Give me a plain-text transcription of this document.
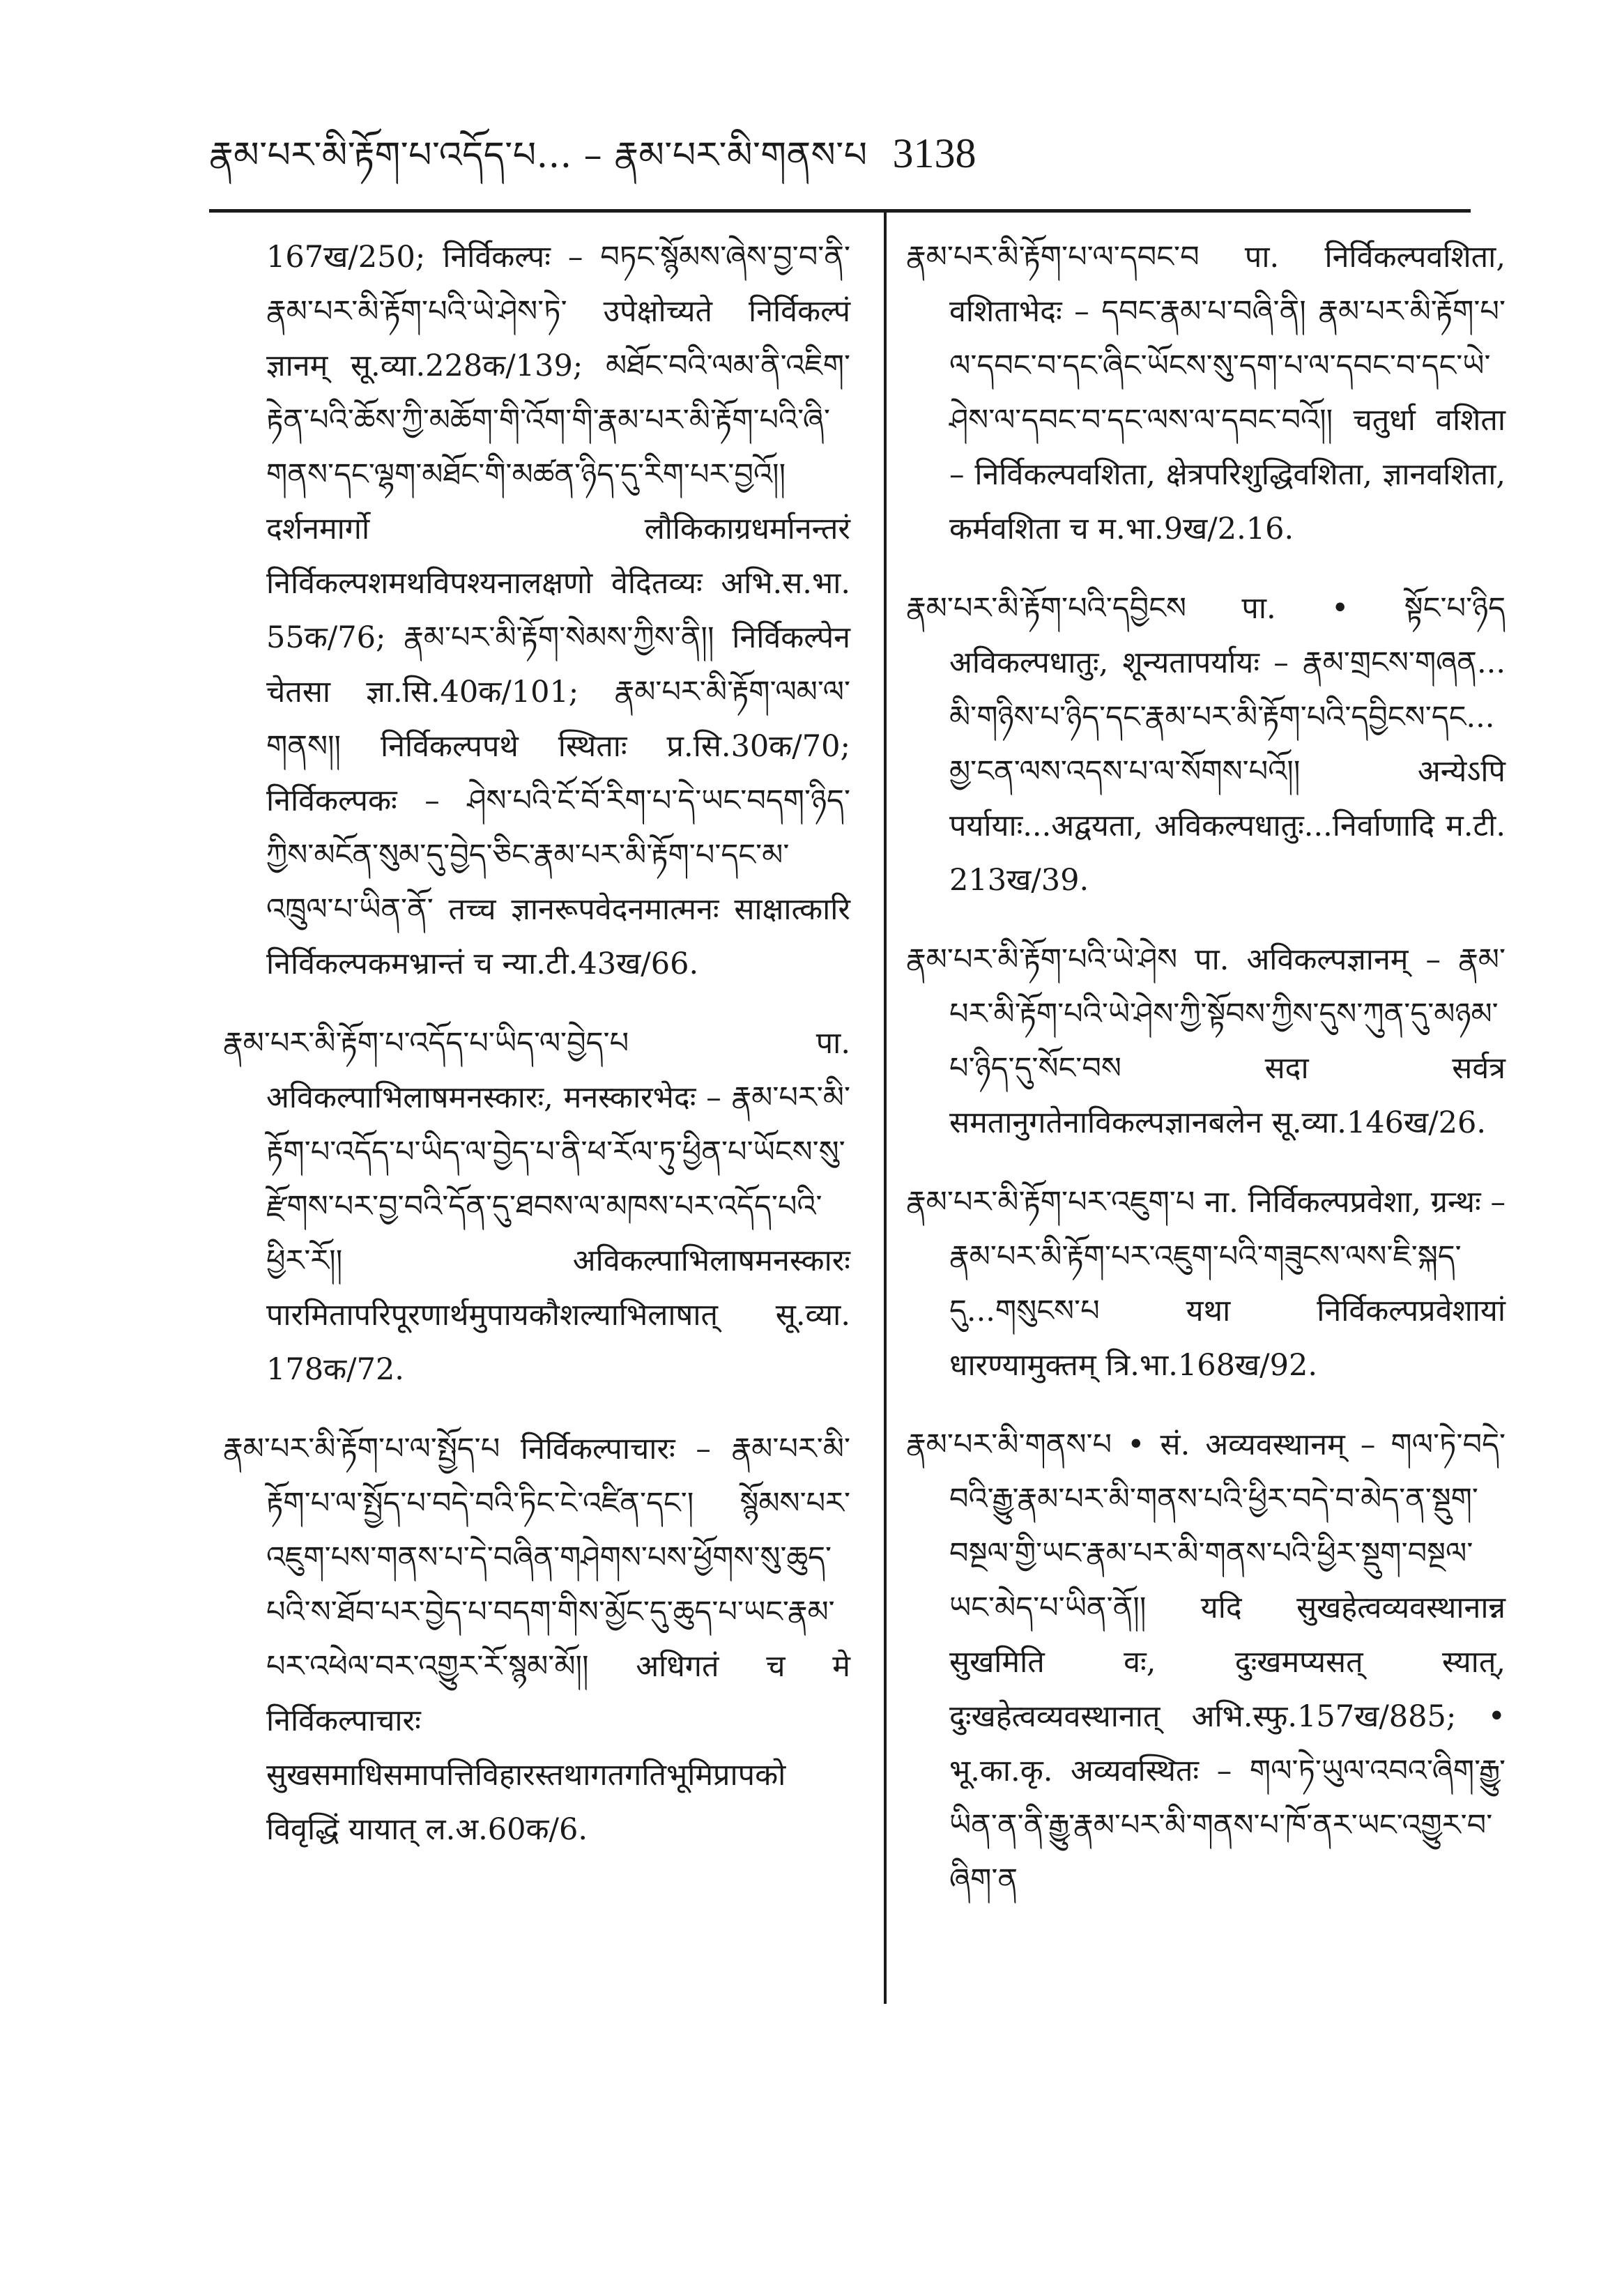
རྣམ་པར་མི་རྟོག་པ་འདོད་པ... – རྣམ་པར་མི་གནས་པ 3138

167ख/250; निर्विकल्पः – བཏང་སྙོམས་ཞེས་བྱ་བ་ནི་རྣམ་པར་མི་རྟོག་པའི་ཡེ་ཤེས་ཏེ་ उपेक्षोच्यते निर्विकल्पं ज्ञानम् सू.व्या.228क/139; མཐོང་བའི་ལམ་ནི་འཇིག་རྟེན་པའི་ཆོས་ཀྱི་མཆོག་གི་འོག་གི་རྣམ་པར་མི་རྟོག་པའི་ཞི་གནས་དང་ལྷག་མཐོང་གི་མཚན་ཉིད་དུ་རིག་པར་བྱའོ།། दर्शनमार्गो लौकिकाग्रधर्मानन्तरं निर्विकल्पशमथविपश्यनालक्षणो वेदितव्यः अभि.स.भा. 55क/76; རྣམ་པར་མི་རྟོག་སེམས་ཀྱིས་ནི།། निर्विकल्पेन चेतसा ज्ञा.सि.40क/101; རྣམ་པར་མི་རྟོག་ལམ་ལ་གནས།། निर्विकल्पपथे स्थिताः प्र.सि.30क/70; निर्विकल्पकः – ཤེས་པའི་ངོ་བོ་རིག་པ་དེ་ཡང་བདག་ཉིད་ཀྱིས་མངོན་སུམ་དུ་བྱེད་ཅིང་རྣམ་པར་མི་རྟོག་པ་དང་མ་འཁྲུལ་པ་ཡིན་ནོ་ तच्च ज्ञानरूपवेदनमात्मनः साक्षात्कारि निर्विकल्पकमभ्रान्तं च न्या.टी.43ख/66.

རྣམ་པར་མི་རྟོག་པ་འདོད་པ་ཡིད་ལ་བྱེད་པ पा. अविकल्पाभिलाषमनस्कारः, मनस्कारभेदः – རྣམ་པར་མི་རྟོག་པ་འདོད་པ་ཡིད་ལ་བྱེད་པ་ནི་ཕ་རོལ་ཏུ་ཕྱིན་པ་ཡོངས་སུ་རྫོགས་པར་བྱ་བའི་དོན་དུ་ཐབས་ལ་མཁས་པར་འདོད་པའི་ཕྱིར་རོ།། अविकल्पाभिलाषमनस्कारः पारमितापरिपूरणार्थमुपायकौशल्याभिलाषात् सू.व्या. 178क/72.

རྣམ་པར་མི་རྟོག་པ་ལ་སྤྱོད་པ निर्विकल्पाचारः – རྣམ་པར་མི་རྟོག་པ་ལ་སྤྱོད་པ་བདེ་བའི་ཏིང་ངེ་འཛིན་དང་། སྙོམས་པར་འཇུག་པས་གནས་པ་དེ་བཞིན་གཤེགས་པས་ཕྱོགས་སུ་ཆུད་པའི་ས་ཐོབ་པར་བྱེད་པ་བདག་གིས་མྱོང་དུ་ཆུད་པ་ཡང་རྣམ་པར་འཕེལ་བར་འགྱུར་རོ་སྙམ་མོ།། अधिगतं च मे निर्विकल्पाचारः सुखसमाधिसमापत्तिविहारस्तथागतगतिभूमिप्रापको विवृद्धिं यायात् ल.अ.60क/6.

རྣམ་པར་མི་རྟོག་པ་ལ་དབང་བ पा. निर्विकल्पवशिता, वशिताभेदः – དབང་རྣམ་པ་བཞི་ནི། རྣམ་པར་མི་རྟོག་པ་ལ་དབང་བ་དང་ཞིང་ཡོངས་སུ་དག་པ་ལ་དབང་བ་དང་ཡེ་ཤེས་ལ་དབང་བ་དང་ལས་ལ་དབང་བའོ།། चतुर्धा वशिता – निर्विकल्पवशिता, क्षेत्रपरिशुद्धिवशिता, ज्ञानवशिता, कर्मवशिता च म.भा.9ख/2.16.

རྣམ་པར་མི་རྟོག་པའི་དབྱིངས पा. • སྟོང་པ་ཉིད अविकल्पधातुः, शून्यतापर्यायः – རྣམ་གྲངས་གཞན... མི་གཉིས་པ་ཉིད་དང་རྣམ་པར་མི་རྟོག་པའི་དབྱིངས་དང... མྱ་ངན་ལས་འདས་པ་ལ་སོགས་པའོ།། अन्येऽपि पर्यायाः...अद्वयता, अविकल्पधातुः...निर्वाणादि म.टी. 213ख/39.

རྣམ་པར་མི་རྟོག་པའི་ཡེ་ཤེས पा. अविकल्पज्ञानम् – རྣམ་པར་མི་རྟོག་པའི་ཡེ་ཤེས་ཀྱི་སྟོབས་ཀྱིས་དུས་ཀུན་དུ་མཉམ་པ་ཉིད་དུ་སོང་བས सदा सर्वत्र समतानुगतेनाविकल्पज्ञानबलेन सू.व्या.146ख/26.

རྣམ་པར་མི་རྟོག་པར་འཇུག་པ ना. निर्विकल्पप्रवेशा, ग्रन्थः – རྣམ་པར་མི་རྟོག་པར་འཇུག་པའི་གཟུངས་ལས་ཇི་སྐད་དུ...གསུངས་པ यथा निर्विकल्पप्रवेशायां धारण्यामुक्तम् त्रि.भा.168ख/92.

རྣམ་པར་མི་གནས་པ • सं. अव्यवस्थानम् – གལ་ཏེ་བདེ་བའི་རྒྱུ་རྣམ་པར་མི་གནས་པའི་ཕྱིར་བདེ་བ་མེད་ན་སྡུག་བསྔལ་གྱི་ཡང་རྣམ་པར་མི་གནས་པའི་ཕྱིར་སྡུག་བསྔལ་ཡང་མེད་པ་ཡིན་ནོ།། यदि सुखहेत्वव्यवस्थानान्न सुखमिति वः, दुःखमप्यसत् स्यात्, दुःखहेत्वव्यवस्थानात् अभि.स्फु.157ख/885; • भू.का.कृ. अव्यवस्थितः – གལ་ཏེ་ཡུལ་འབའ་ཞིག་རྒྱུ་ཡིན་ན་ནི་རྒྱུ་རྣམ་པར་མི་གནས་པ་ཁོ་ནར་ཡང་འགྱུར་བ་ཞིག་ན
